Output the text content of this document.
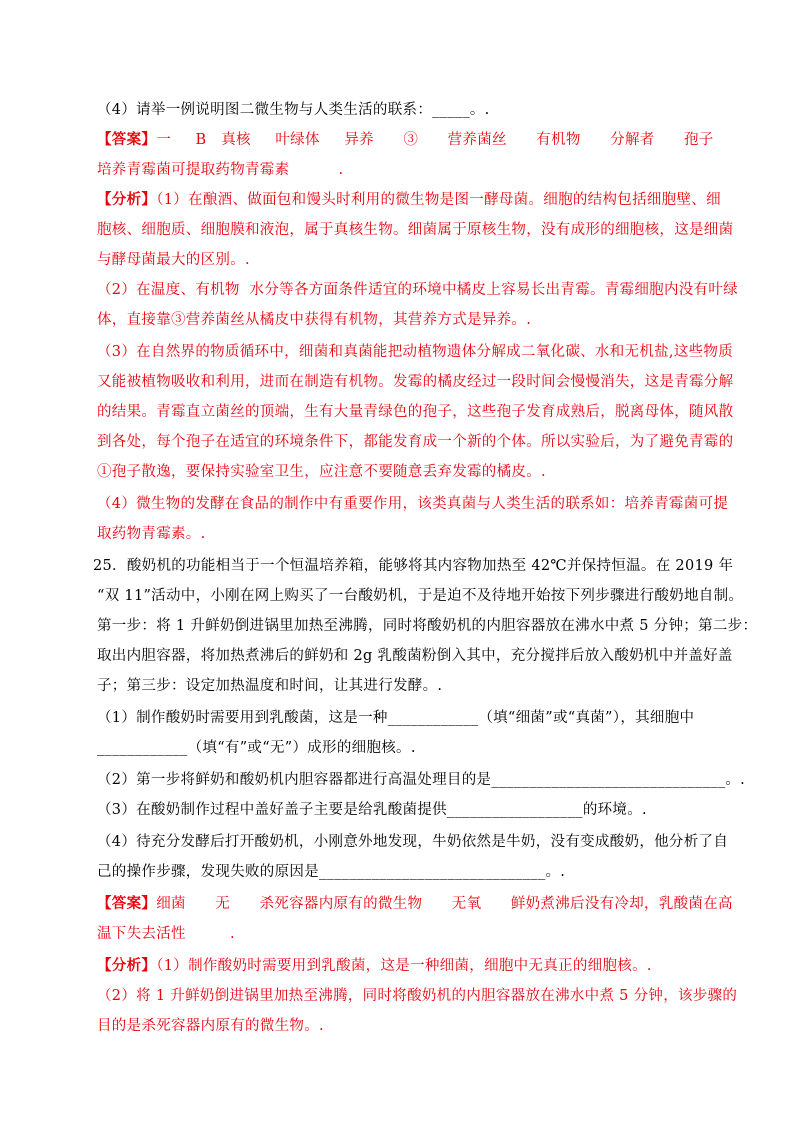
（4）请举一例说明图二微生物与人类生活的联系：_____。.
【答案】一     B   真核     叶绿体     异养      ③      营养菌丝      有机物      分解者      孢子
培养青霉菌可提取药物青霉素          .
【分析】（1）在酿酒、做面包和馒头时利用的微生物是图一酵母菌。细胞的结构包括细胞壁、细
胞核、细胞质、细胞膜和液泡，属于真核生物。细菌属于原核生物，没有成形的细胞核，这是细菌
与酵母菌最大的区别。.
（2）在温度、有机物  水分等各方面条件适宜的环境中橘皮上容易长出青霉。青霉细胞内没有叶绿
体，直接靠③营养菌丝从橘皮中获得有机物，其营养方式是异养。.
（3）在自然界的物质循环中，细菌和真菌能把动植物遗体分解成二氧化碳、水和无机盐,这些物质
又能被植物吸收和利用，进而在制造有机物。发霉的橘皮经过一段时间会慢慢消失，这是青霉分解
的结果。青霉直立菌丝的顶端，生有大量青绿色的孢子，这些孢子发育成熟后，脱离母体，随风散
到各处，每个孢子在适宜的环境条件下，都能发育成一个新的个体。所以实验后，为了避免青霉的
①孢子散逸，要保持实验室卫生，应注意不要随意丢弃发霉的橘皮。.
（4）微生物的发酵在食品的制作中有重要作用，该类真菌与人类生活的联系如：培养青霉菌可提
取药物青霉素。.
25．酸奶机的功能相当于一个恒温培养箱，能够将其内容物加热至 42℃并保持恒温。在 2019 年
“双 11”活动中，小刚在网上购买了一台酸奶机，于是迫不及待地开始按下列步骤进行酸奶地自制。
第一步：将 1 升鲜奶倒进锅里加热至沸腾，同时将酸奶机的内胆容器放在沸水中煮 5 分钟；第二步：
取出内胆容器，将加热煮沸后的鲜奶和 2g 乳酸菌粉倒入其中，充分搅拌后放入酸奶机中并盖好盖
子；第三步：设定加热温度和时间，让其进行发酵。.
（1）制作酸奶时需要用到乳酸菌，这是一种____________（填“细菌”或“真菌”），其细胞中
____________（填“有”或“无”）成形的细胞核。.
（2）第一步将鲜奶和酸奶机内胆容器都进行高温处理目的是_______________________________。.
（3）在酸奶制作过程中盖好盖子主要是给乳酸菌提供__________________的环境。.
（4）待充分发酵后打开酸奶机，小刚意外地发现，牛奶依然是牛奶，没有变成酸奶，他分析了自
己的操作步骤，发现失败的原因是______________________________。.
【答案】细菌      无      杀死容器内原有的微生物      无氧      鲜奶煮沸后没有冷却，乳酸菌在高
温下失去活性         .
【分析】（1）制作酸奶时需要用到乳酸菌，这是一种细菌，细胞中无真正的细胞核。.
（2）将 1 升鲜奶倒进锅里加热至沸腾，同时将酸奶机的内胆容器放在沸水中煮 5 分钟，该步骤的
目的是杀死容器内原有的微生物。.
